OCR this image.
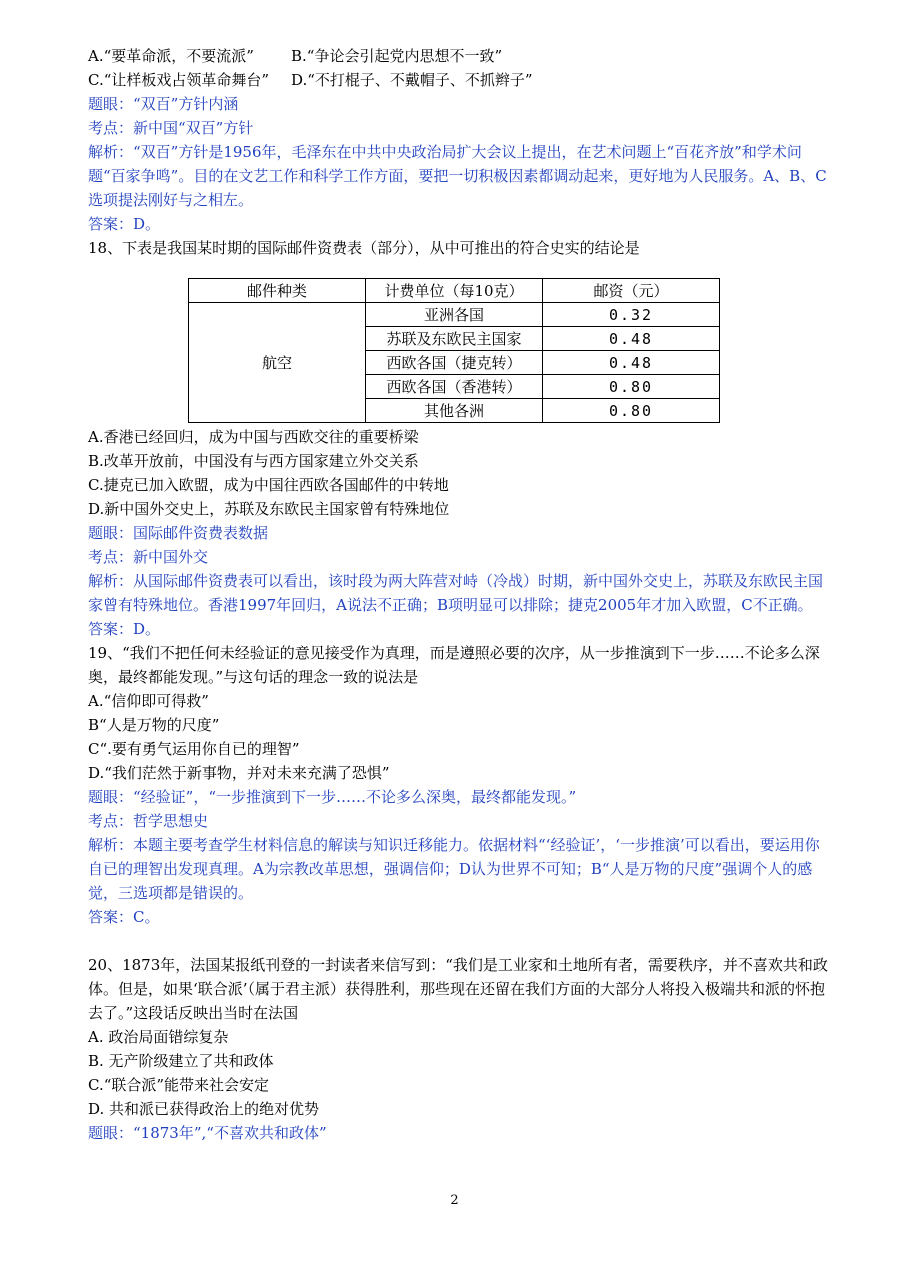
A.“要革命派，不要流派”	B.“争论会引起党内思想不一致”
C.“让样板戏占领革命舞台”	D.“不打棍子、不戴帽子、不抓辫子”
题眼：“双百”方针内涵
考点：新中国“双百”方针
解析：“双百”方针是1956年，毛泽东在中共中央政治局扩大会议上提出，在艺术问题上“百花齐放”和学术问题“百家争鸣”。目的在文艺工作和科学工作方面，要把一切积极因素都调动起来，更好地为人民服务。A、B、C选项提法刚好与之相左。
答案：D。
18、下表是我国某时期的国际邮件资费表（部分），从中可推出的符合史实的结论是
邮件种类	计费单位（每10克）	邮资（元）
航空	亚洲各国	0.32
	苏联及东欧民主国家	0.48
	西欧各国（捷克转）	0.48
	西欧各国（香港转）	0.80
	其他各洲	0.80
A.香港已经回归，成为中国与西欧交往的重要桥梁
B.改革开放前，中国没有与西方国家建立外交关系
C.捷克已加入欧盟，成为中国往西欧各国邮件的中转地
D.新中国外交史上，苏联及东欧民主国家曾有特殊地位
题眼：国际邮件资费表数据
考点：新中国外交
解析：从国际邮件资费表可以看出，该时段为两大阵营对峙（冷战）时期，新中国外交史上，苏联及东欧民主国家曾有特殊地位。香港1997年回归，A说法不正确；B项明显可以排除；捷克2005年才加入欧盟，C不正确。
答案：D。
19、“我们不把任何未经验证的意见接受作为真理，而是遵照必要的次序，从一步推演到下一步……不论多么深奥，最终都能发现。”与这句话的理念一致的说法是
A.“信仰即可得救”
B“人是万物的尺度”
C“.要有勇气运用你自已的理智”
D.“我们茫然于新事物，并对未来充满了恐惧”
题眼：“经验证”，“一步推演到下一步……不论多么深奥，最终都能发现。”
考点：哲学思想史
解析：本题主要考查学生材料信息的解读与知识迁移能力。依据材料“‘经验证’，‘一步推演’可以看出，要运用你自已的理智出发现真理。A为宗教改革思想，强调信仰；D认为世界不可知；B“人是万物的尺度”强调个人的感觉，三选项都是错误的。
答案：C。
20、1873年，法国某报纸刊登的一封读者来信写到：“我们是工业家和土地所有者，需要秩序，并不喜欢共和政体。但是，如果‘联合派’（属于君主派）获得胜利，那些现在还留在我们方面的大部分人将投入极端共和派的怀抱去了。”这段话反映出当时在法国
A. 政治局面错综复杂
B. 无产阶级建立了共和政体
C.“联合派”能带来社会安定
D. 共和派已获得政治上的绝对优势
题眼：“1873年”,“不喜欢共和政体”
2
